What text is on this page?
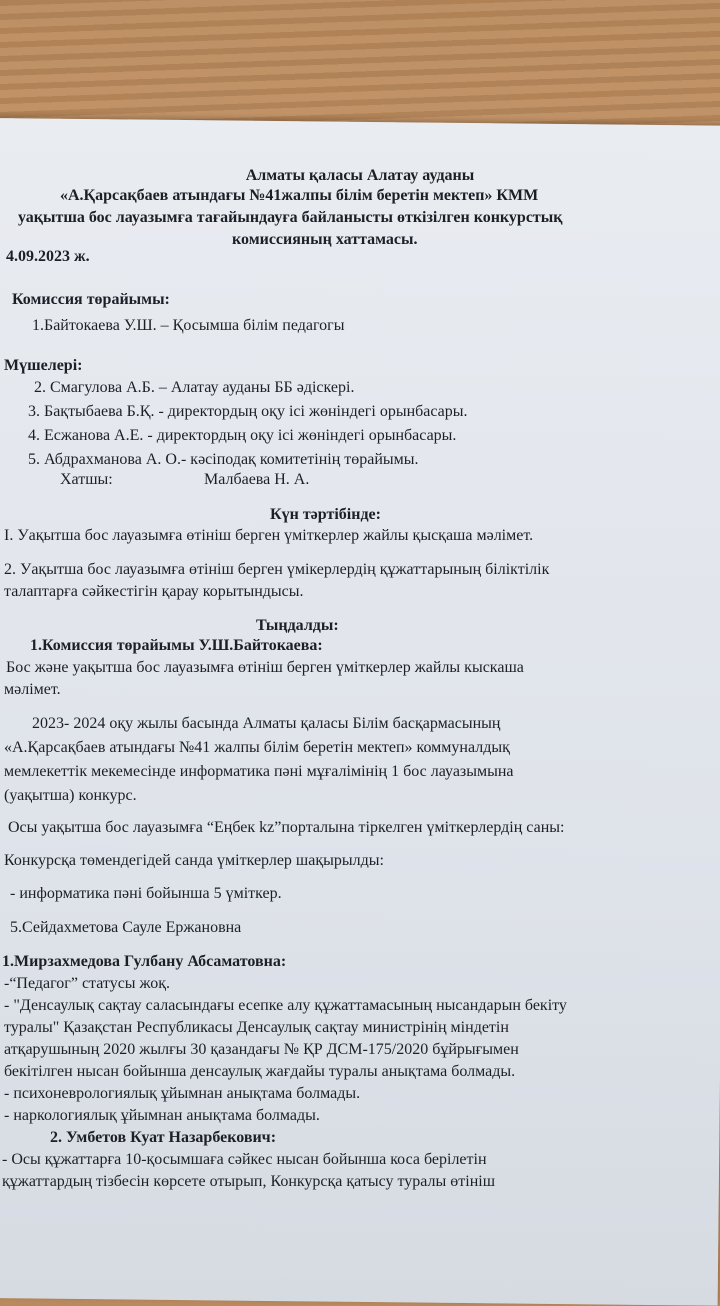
Алматы қаласы Алатау ауданы
«А.Қарсақбаев атындағы №41жалпы білім беретін мектеп» КММ
уақытша бос лауазымға тағайындауға байланысты өткізілген конкурстық
комиссияның хаттамасы.
4.09.2023 ж.
Комиссия төрайымы:
1.Байтокаева У.Ш. – Қосымша білім педагогы
Мүшелері:
2. Смагулова А.Б. – Алатау ауданы ББ әдіскері.
3. Бақтыбаева Б.Қ. - директордың оқу ісі жөніндегі орынбасары.
4. Есжанова А.Е. - директордың оқу ісі жөніндегі орынбасары.
5. Абдрахманова А. О.- кәсіподақ комитетінің төрайымы.
Хатшы:	Малбаева Н. А.
Күн тәртібінде:
I. Уақытша бос лауазымға өтініш берген үміткерлер жайлы қысқаша мәлімет.
2. Уақытша бос лауазымға өтініш берген үмікерлердің құжаттарының біліктілік
талаптарға сәйкестігін қарау корытындысы.
Тыңдалды:
1.Комиссия төрайымы У.Ш.Байтокаева:
Бос және уақытша бос лауазымға өтініш берген үміткерлер жайлы кыскаша
мәлімет.
2023- 2024 оқу жылы басында Алматы қаласы Білім басқармасының
«А.Қарсақбаев атындағы №41 жалпы білім беретін мектеп» коммуналдық
мемлекеттік мекемесінде информатика пәні мұғалімінің 1 бос лауазымына
(уақытша) конкурс.
Осы уақытша бос лауазымға “Еңбек kz”порталына тіркелген үміткерлердің саны:
Конкурсқа төмендегідей санда үміткерлер шақырылды:
- информатика пәні бойынша 5 үміткер.
5.Сейдахметова Сауле Ержановна
1.Мирзахмедова Гулбану Абсаматовна:
-“Педагог” статусы жоқ.
- "Денсаулық сақтау саласындағы есепке алу құжаттамасының нысандарын бекіту
туралы" Қазақстан Республикасы Денсаулық сақтау министрінің міндетін
атқарушының 2020 жылғы 30 қазандағы № ҚР ДСМ-175/2020 бұйрығымен
бекітілген нысан бойынша денсаулық жағдайы туралы анықтама болмады.
- психоневрологиялық ұйымнан анықтама болмады.
- наркологиялық ұйымнан анықтама болмады.
2. Умбетов Куат Назарбекович:
- Осы құжаттарға 10-қосымшаға сәйкес нысан бойынша коса берілетін
құжаттардың тізбесін көрсете отырып, Конкурсқа қатысу туралы өтініш
